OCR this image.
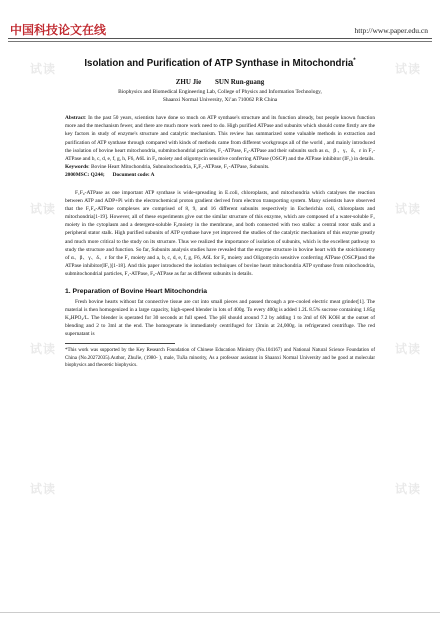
中国科技论文在线	http://www.paper.edu.cn
试读	试读
试读	试读
试读	试读
试读	试读
Isolation and Purification of ATP Synthase in Mitochondria*
ZHU Jie SUN Run-guang
Biophysics and Biomedical Engineering Lab, College of Physics and Information Technology,
Shaanxi Normal University, Xi’an 710062 P.R China
Abstract: In the past 50 years, scientists have done so much on ATP synthase's structure and its function already, but people known function more and the mechanism fewer, and there are much more work need to do. High purified ATPase and subunits which should come firstly are the key factors in study of enzyme's structure and catalytic mechanism. This review has summarized some valuable methods in extraction and purification of ATP synthase through compared with kinds of methods came from different workgroups all of the world , and mainly introduced the isolation of bovine heart mitochondria, submitochondrial particles, F₁-ATPase, F₀-ATPase and their subunits such as α、β 、γ、δ、ε in F₁-ATPase and b, c, d, e, f, g, h, F6, A6L in F₀ moiety and oligomycin sensitive conferring ATPase (OSCP) and the ATPase inhibitor (IF₁) in details.
Keywords: Bovine Heart Mitochondria, Subnuitochondria, F₀F₁-ATPase, F₁-ATPase, Subunits.
2000MSC: Q244; Document code: A
F₁F₀-ATPase as one important ATP synthase is wide-spreading in E.coli, chloroplasts, and mitochondria which catalyses the reaction between ATP and ADP+Pi with the electrochemical proton gradient derived from electron transporting system. Many scientists have observed that the F₁F₀-ATPase complexes are comprised of 8, 9, and 16 different subunits respectively in Escherichia coli, chloroplasts and mitochondria[1-19]. However, all of these experiments give out the similar structure of this enzyme, which are composed of a water-soluble F₁ moiety in the cytoplasm and a detergent-soluble F₀moiety in the membrane, and both connected with two stalks: a central rotor stalk and a peripheral stator stalk. High purified subunits of ATP synthase have yet improved the studies of the catalytic mechanism of this enzyme greatly and much more critical to the study on its structure. Thus we realized the importance of isolation of subunits, which is the excellent pathway to study the structure and function. So far, Subunits analysis studies have revealed that the enzyme structure in bovine heart with the stoichiometry of α、β、γ、δ、ε for the F₁ moiety and a, b, c, d, e, f, g, F6, A6L for F₀ moiety and Oligomycin sensitive conferring ATPase (OSCP)and the ATPase inhibitor(IF₁)[1-18]. And this paper introduced the isolation techniques of bovine heart mitochondria ATP synthase from mitochondria, submitochondrial particles, F₁-ATPase, F₀-ATPase as far as different subunits in details.
1. Preparation of Bovine Heart Mitochondria
Fresh bovine hearts without fat connective tissue are cut into small pieces and passed through a pre-cooled electric meat grinder[1]. The material is then homogenized in a large capacity, high-speed blender in lots of 400g. To every 400g is added 1.2L 8.5% sucrose containing 1.85g K₂HPO₄/L. The blender is operated for 30 seconds at full speed. The pH should around 7.2 by adding 1 to 2ml of 6N KOH at the outset of blending and 2 to 3ml at the end. The homogenate is immediately centrifuged for 13min at 24,000g. in refrigerated centrifuge. The red supernatant is
*This work was supported by the Key Research Foundation of Chinese Education Ministry (No.104167) and National Natural Science Foundation of China (No.20272035).Author, ZhuJie, (1980- ), male, TuJia minority, As a professor assistant in Shaanxi Normal University and be good at molecular biophysics and theoretic biophysics.
